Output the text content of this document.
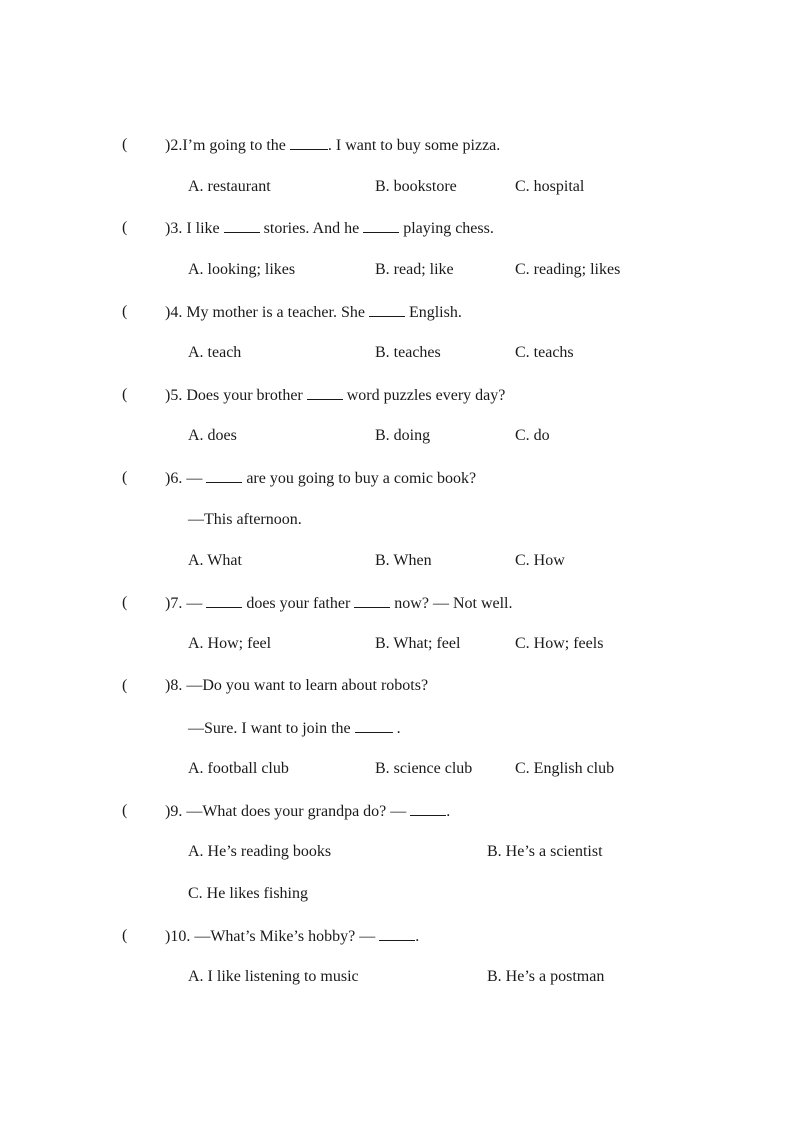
( )2.I’m going to the . I want to buy some pizza.
A. restaurant	B. bookstore	C. hospital
( )3. I like  stories. And he  playing chess.
A. looking; likes	B. read; like	C. reading; likes
( )4. My mother is a teacher. She  English.
A. teach	B. teaches	C. teachs
( )5. Does your brother  word puzzles every day?
A. does	B. doing	C. do
( )6. —  are you going to buy a comic book?
—This afternoon.
A. What	B. When	C. How
( )7. —  does your father  now? — Not well.
A. How; feel	B. What; feel	C. How; feels
( )8. —Do you want to learn about robots?
—Sure. I want to join the  .
A. football club	B. science club	C. English club
( )9. —What does your grandpa do? — .
A. He’s reading books	B. He’s a scientist
C. He likes fishing
( )10. —What’s Mike’s hobby? — .
A. I like listening to music	B. He’s a postman
